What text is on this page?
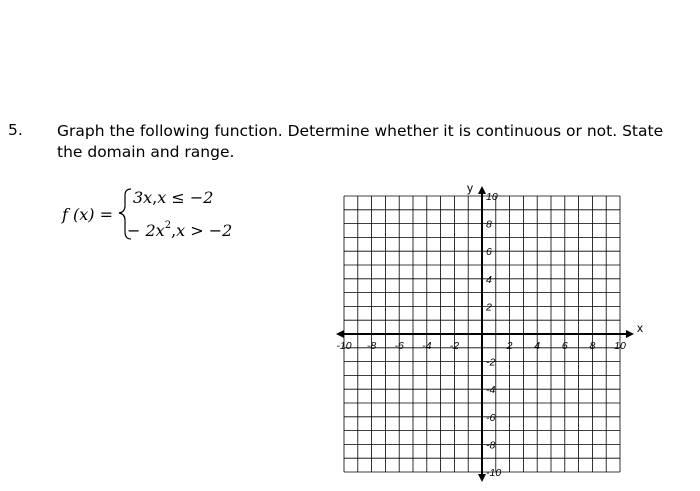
5. Graph the following function. Determine whether it is continuous or not. State
the domain and range.
f (x) =
3x,x ≤ −2
− $2x^2,x > -2$
x
y
-10 -8 -6 -4 -2	2 4 6 8 10
10
8
6
4
2
-2
-4
-6
-8
-10
